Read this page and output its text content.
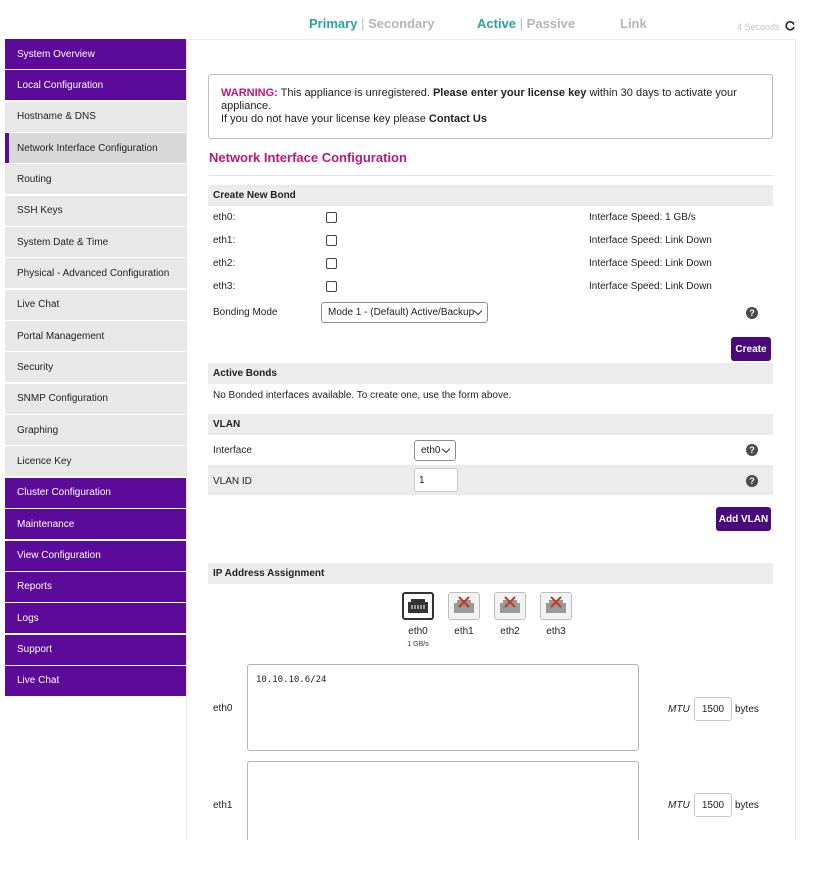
Primary | Secondary	Active | Passive	Link	4 Seconds
System Overview
Local Configuration
Hostname & DNS
Network Interface Configuration
Routing
SSH Keys
System Date & Time
Physical - Advanced Configuration
Live Chat
Portal Management
Security
SNMP Configuration
Graphing
Licence Key
Cluster Configuration
Maintenance
View Configuration
Reports
Logs
Support
Live Chat
WARNING: This appliance is unregistered. Please enter your license key within 30 days to activate your appliance.
If you do not have your license key please Contact Us
Network Interface Configuration
Create New Bond
eth0:	Interface Speed: 1 GB/s
eth1:	Interface Speed: Link Down
eth2:	Interface Speed: Link Down
eth3:	Interface Speed: Link Down
Bonding Mode	Mode 1 - (Default) Active/Backup	?
Create
Active Bonds
No Bonded interfaces available. To create one, use the form above.
VLAN
Interface	eth0	?
VLAN ID	1	?
Add VLAN
IP Address Assignment
eth0
1 GB/s
eth1	eth2	eth3
eth0
10.10.10.6/24
MTU	1500	bytes
eth1	MTU	1500	bytes
